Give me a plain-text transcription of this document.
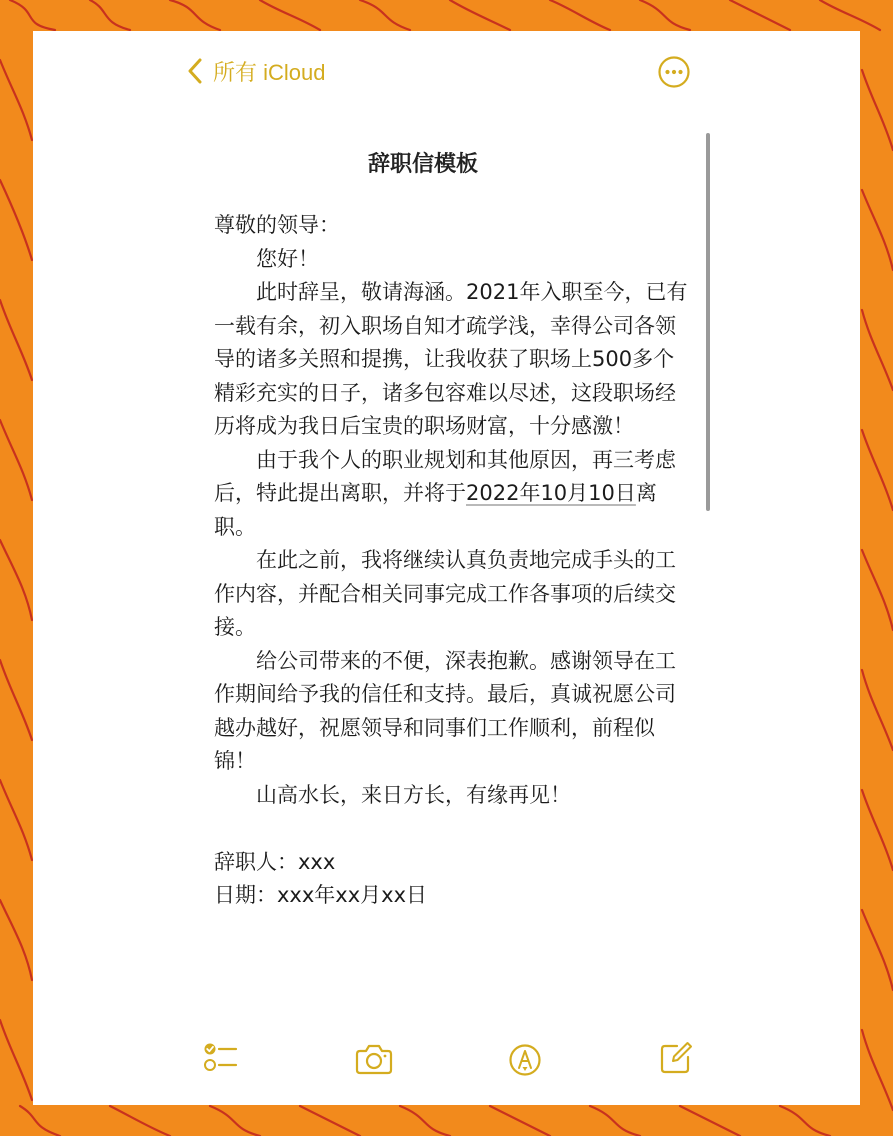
所有 iCloud
辞职信模板

尊敬的领导：

您好！

此时辞呈，敬请海涵。2021年入职至今，已有一载有余，初入职场自知才疏学浅，幸得公司各领导的诸多关照和提携，让我收获了职场上500多个精彩充实的日子，诸多包容难以尽述，这段职场经历将成为我日后宝贵的职场财富，十分感激！

由于我个人的职业规划和其他原因，再三考虑后，特此提出离职，并将于2022年10月10日离职。

在此之前，我将继续认真负责地完成手头的工作内容，并配合相关同事完成工作各事项的后续交接。

给公司带来的不便，深表抱歉。感谢领导在工作期间给予我的信任和支持。最后，真诚祝愿公司越办越好，祝愿领导和同事们工作顺利，前程似锦！

山高水长，来日方长，有缘再见！

辞职人：xxx

日期：xxx年xx月xx日
